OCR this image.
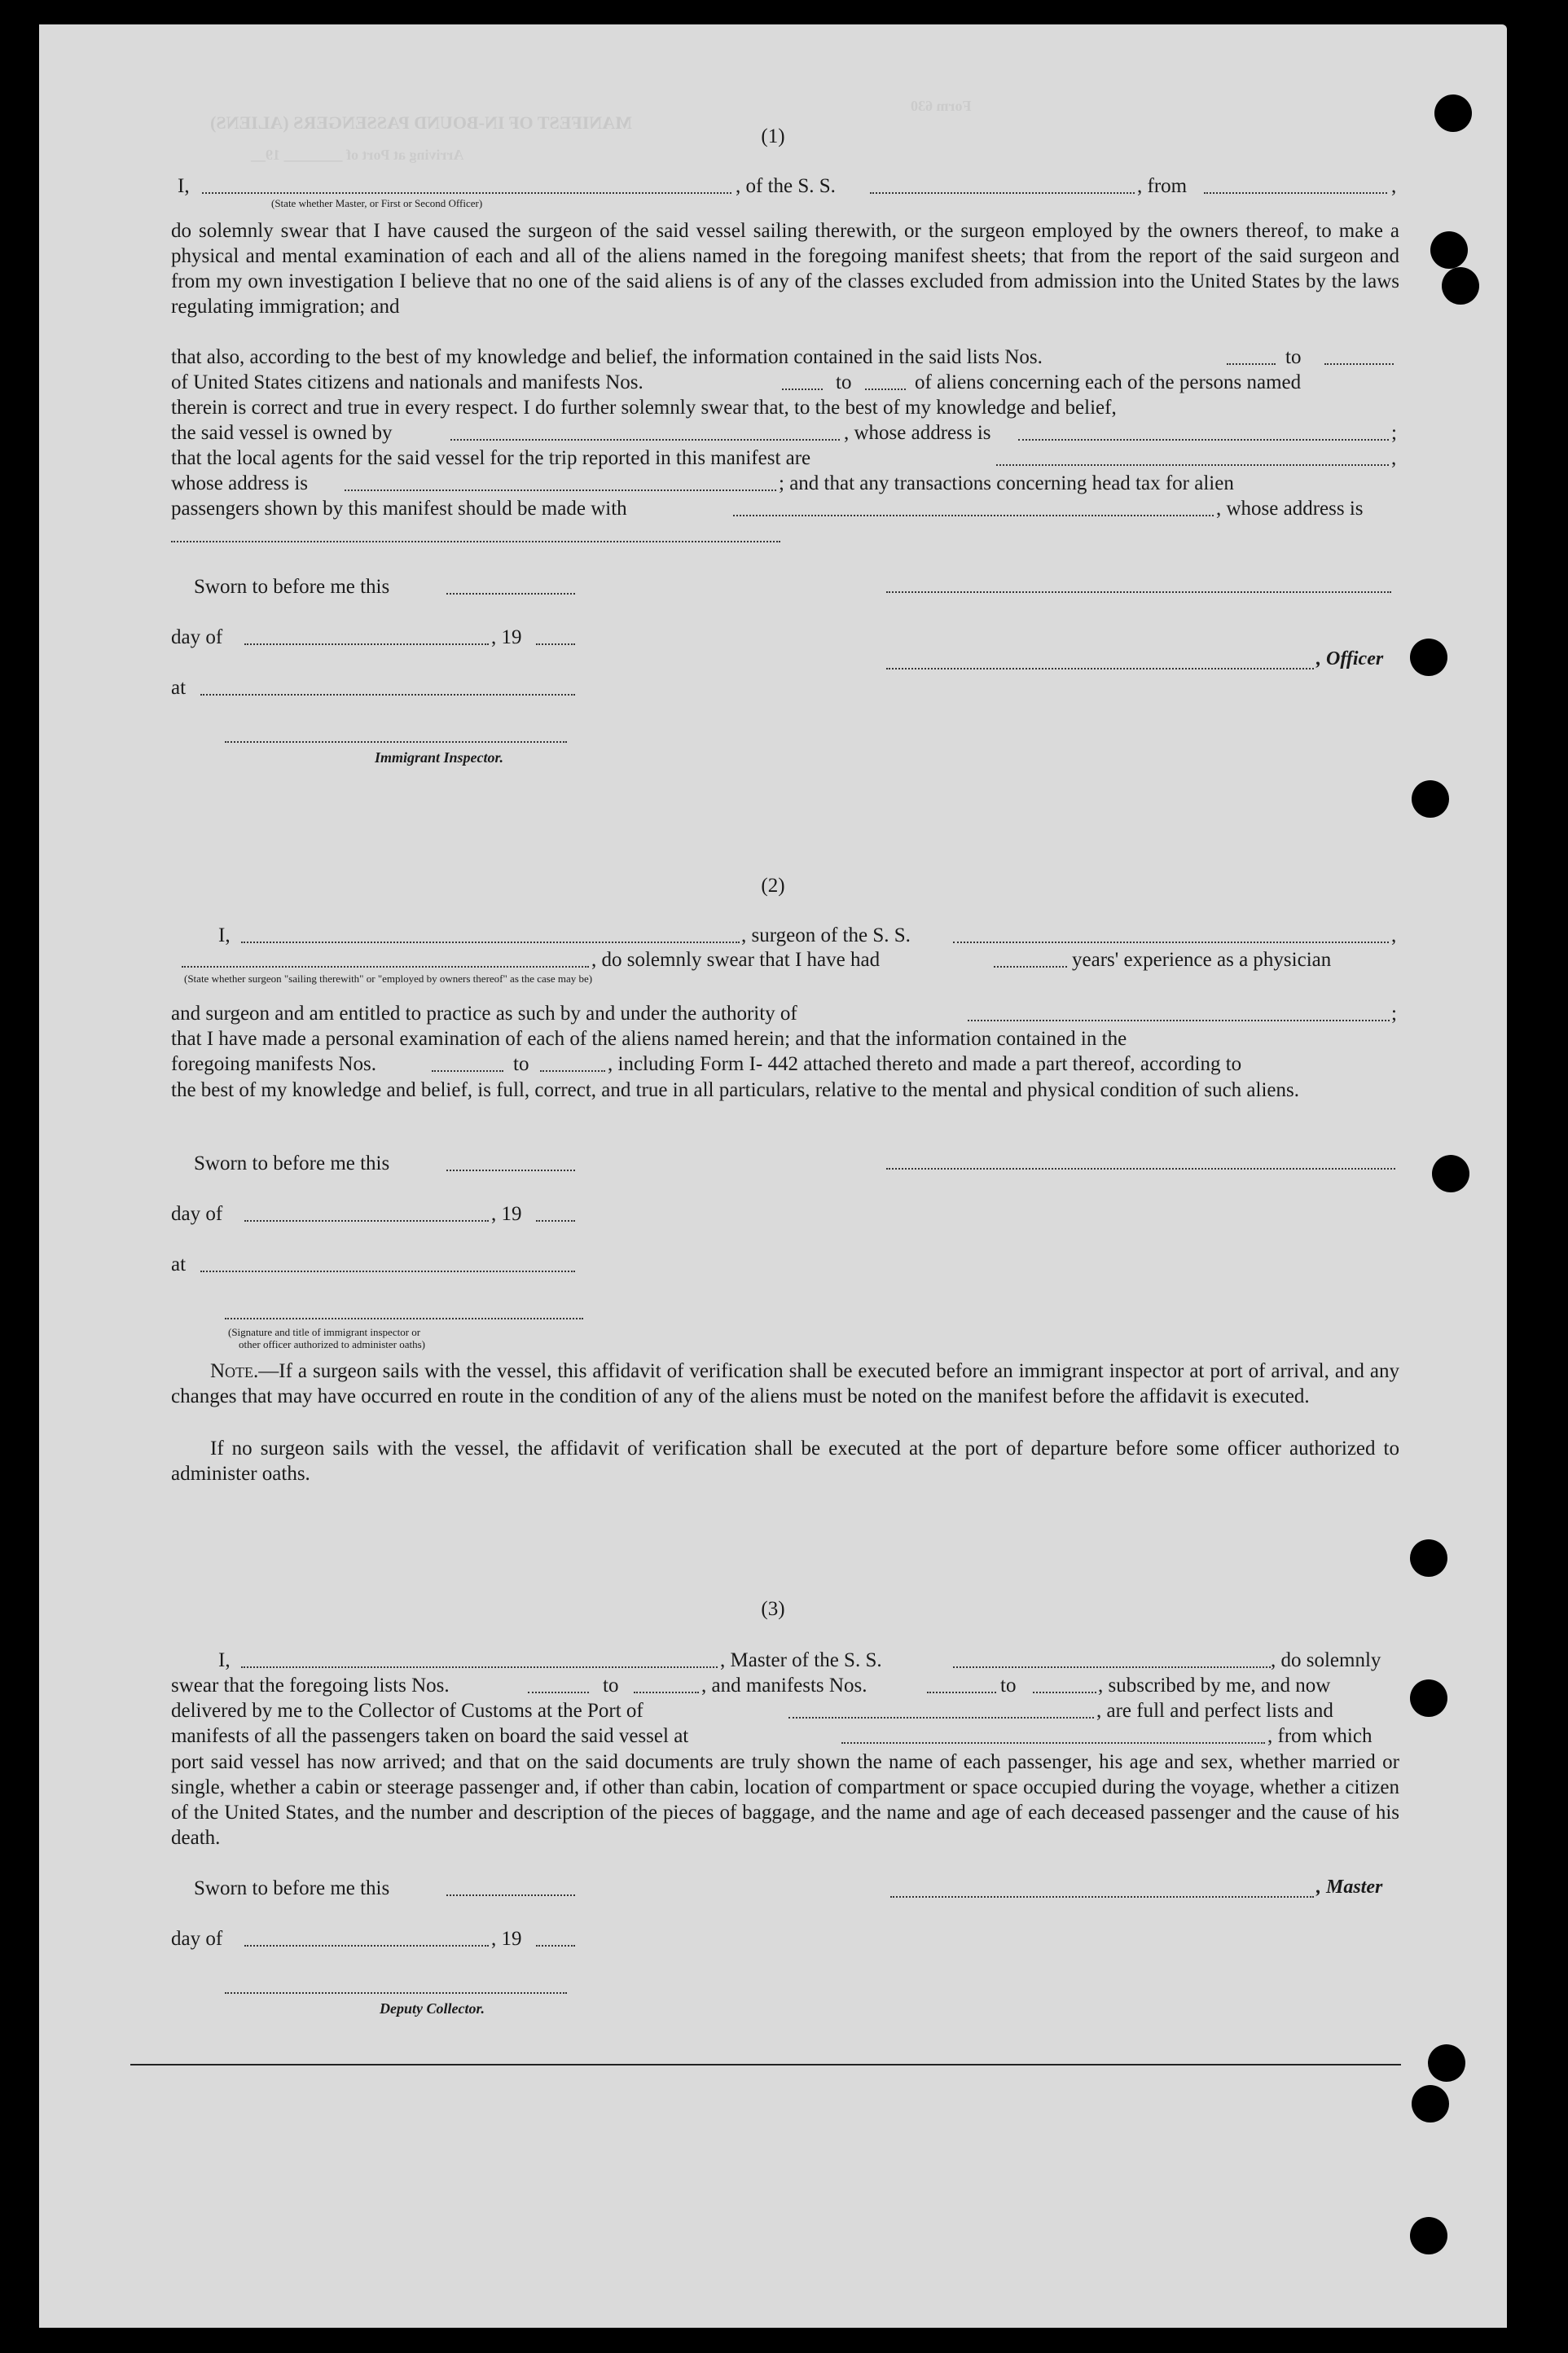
MANIFEST OF IN-BOUND PASSENGERS (ALIENS)
Arriving at Port of ________ 19__
Form 630
(1)
I,	, of the S. S.	, from	,
(State whether Master, or First or Second Officer)
do solemnly swear that I have caused the surgeon of the said vessel sailing therewith, or the surgeon employed by the owners thereof, to make a physical and mental examination of each and all of the aliens named in the foregoing manifest sheets; that from the report of the said surgeon and from my own investigation I believe that no one of the said aliens is of any of the classes excluded from admission into the United States by the laws regulating immigration; and
that also, according to the best of my knowledge and belief, the information contained in the said lists Nos.	to
of United States citizens and nationals and manifests Nos.	to	of aliens concerning each of the persons named
therein is correct and true in every respect. I do further solemnly swear that, to the best of my knowledge and belief,
the said vessel is owned by	, whose address is	;
that the local agents for the said vessel for the trip reported in this manifest are	,
whose address is	; and that any transactions concerning head tax for alien
passengers shown by this manifest should be made with	, whose address is
Sworn to before me this
day of	, 19
, Officer
at
Immigrant Inspector.
(2)
I,	, surgeon of the S. S.	,
, do solemnly swear that I have had	years' experience as a physician
(State whether surgeon "sailing therewith" or "employed by owners thereof" as the case may be)
and surgeon and am entitled to practice as such by and under the authority of	;
that I have made a personal examination of each of the aliens named herein; and that the information contained in the
foregoing manifests Nos.	to	, including Form I- 442 attached thereto and made a part thereof, according to
the best of my knowledge and belief, is full, correct, and true in all particulars, relative to the mental and physical condition of such aliens.
Sworn to before me this
day of	, 19
at
(Signature and title of immigrant inspector or
other officer authorized to administer oaths)
Note.—If a surgeon sails with the vessel, this affidavit of verification shall be executed before an immigrant inspector at port of arrival, and any changes that may have occurred en route in the condition of any of the aliens must be noted on the manifest before the affidavit is executed.
If no surgeon sails with the vessel, the affidavit of verification shall be executed at the port of departure before some officer authorized to administer oaths.
(3)
I,	, Master of the S. S.	, do solemnly
swear that the foregoing lists Nos.	to	, and manifests Nos.	to	, subscribed by me, and now
delivered by me to the Collector of Customs at the Port of	, are full and perfect lists and
manifests of all the passengers taken on board the said vessel at	, from which
port said vessel has now arrived; and that on the said documents are truly shown the name of each passenger, his age and sex, whether married or single, whether a cabin or steerage passenger and, if other than cabin, location of compartment or space occupied during the voyage, whether a citizen of the United States, and the number and description of the pieces of baggage, and the name and age of each deceased passenger and the cause of his death.
Sworn to before me this	, Master
day of	, 19
Deputy Collector.
